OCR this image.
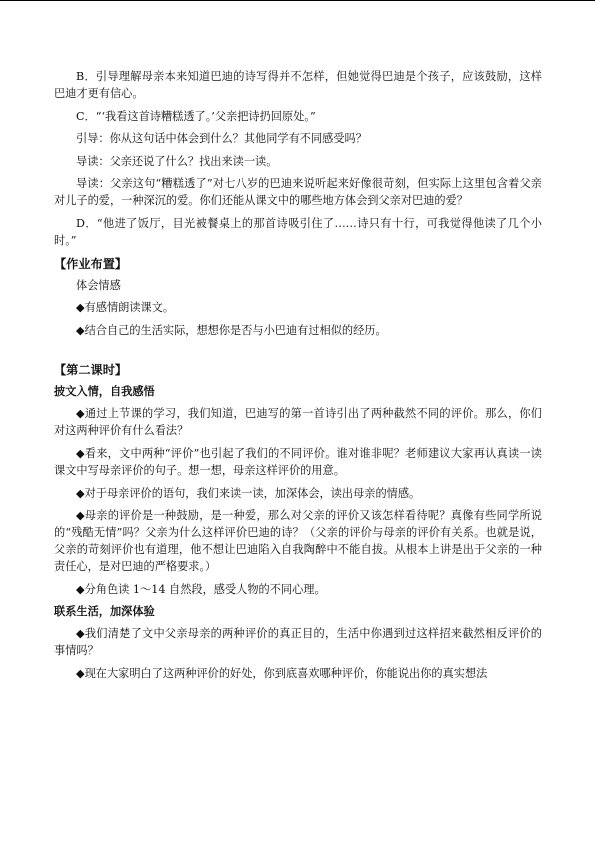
B．引导理解母亲本来知道巴迪的诗写得并不怎样，但她觉得巴迪是个孩子，应该鼓励，这样巴迪才更有信心。

C．“‘我看这首诗糟糕透了。’父亲把诗扔回原处。”

引导：你从这句话中体会到什么？其他同学有不同感受吗？

导读：父亲还说了什么？找出来读一读。

导读：父亲这句“糟糕透了”对七八岁的巴迪来说听起来好像很苛刻，但实际上这里包含着父亲对儿子的爱，一种深沉的爱。你们还能从课文中的哪些地方体会到父亲对巴迪的爱？

D．“他进了饭厅，目光被餐桌上的那首诗吸引住了……诗只有十行，可我觉得他读了几个小时。”

【作业布置】

体会情感

◆有感情朗读课文。

◆结合自己的生活实际，想想你是否与小巴迪有过相似的经历。

【第二课时】
披文入情，自我感悟

◆通过上节课的学习，我们知道，巴迪写的第一首诗引出了两种截然不同的评价。那么，你们对这两种评价有什么看法？

◆看来，文中两种“评价”也引起了我们的不同评价。谁对谁非呢？老师建议大家再认真读一读课文中写母亲评价的句子。想一想，母亲这样评价的用意。

◆对于母亲评价的语句，我们来读一读，加深体会，读出母亲的情感。

◆母亲的评价是一种鼓励，是一种爱，那么对父亲的评价又该怎样看待呢？真像有些同学所说的“残酷无情”吗？父亲为什么这样评价巴迪的诗？（父亲的评价与母亲的评价有关系。也就是说，父亲的苛刻评价也有道理，他不想让巴迪陷入自我陶醉中不能自拔。从根本上讲是出于父亲的一种责任心，是对巴迪的严格要求。）

◆分角色读 1～14 自然段，感受人物的不同心理。

联系生活，加深体验

◆我们清楚了文中父亲母亲的两种评价的真正目的，生活中你遇到过这样招来截然相反评价的事情吗？

◆现在大家明白了这两种评价的好处，你到底喜欢哪种评价，你能说出你的真实想法
